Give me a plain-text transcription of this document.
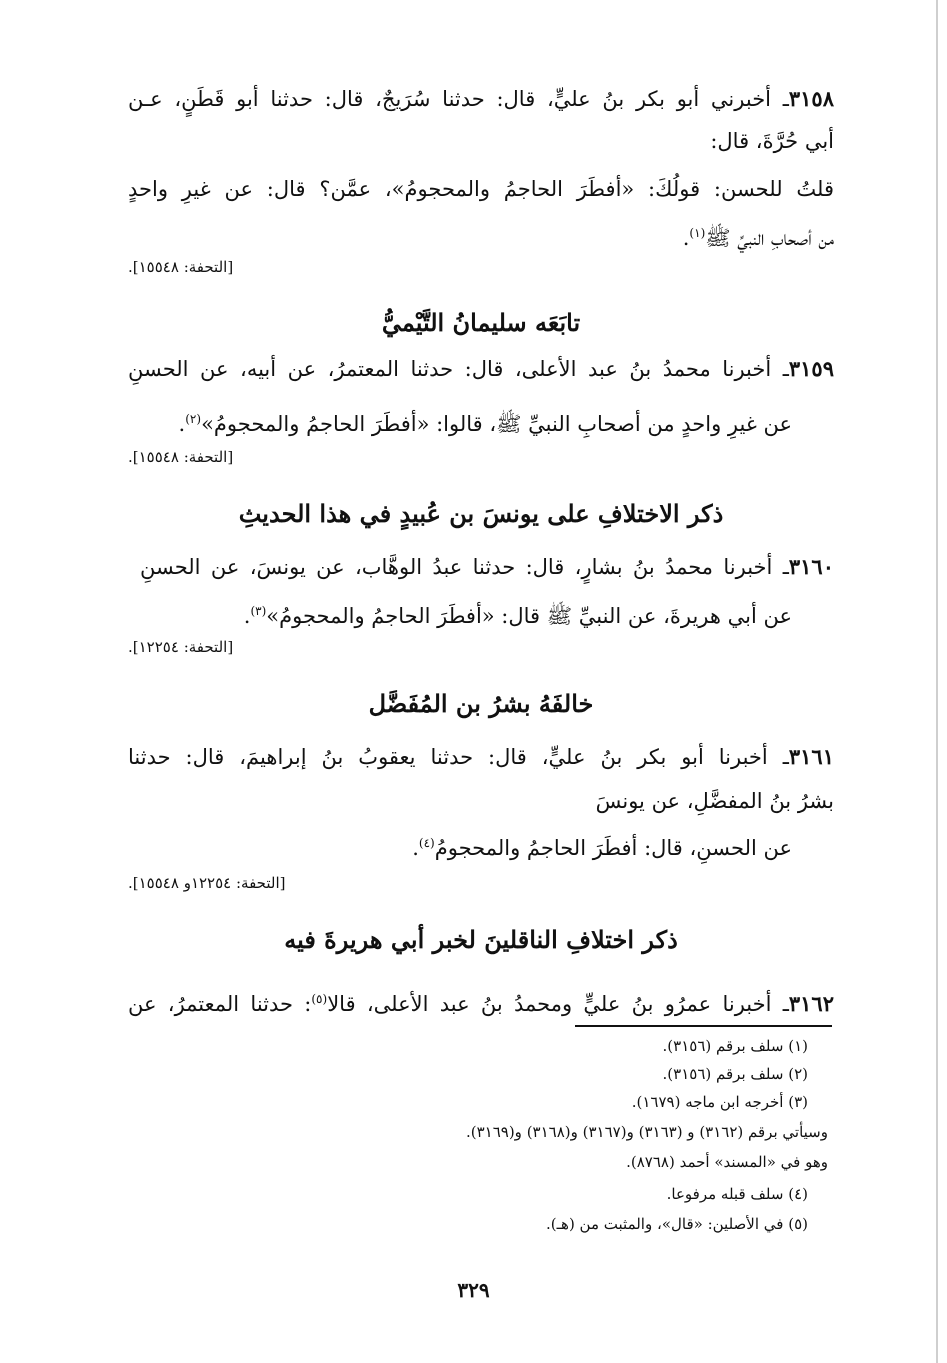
٣١٥٨ـ أخبرني أبو بكر بنُ عليٍّ، قال: حدثنا سُرَيجٌ، قال: حدثنا أبو قَطَنٍ، عـن
أبي حُرَّةَ، قال:
قلتُ للحسن: قولُكَ: «أفطَرَ الحاجمُ والمحجومُ»، عمَّن؟ قال: عن غيرِ واحدٍ
من أصحابِ النبيِّ ﷺ$^{(١)}$.
[التحفة: ١٥٥٤٨].
تابَعَه سليمانُ التَّيْميُّ
٣١٥٩ـ أخبرنا محمدُ بنُ عبد الأعلى، قال: حدثنا المعتمرُ، عن أبيه، عن الحسنِ
عن غيرِ واحدٍ من أصحابِ النبيِّ ﷺ، قالوا: «أفطَرَ الحاجمُ والمحجومُ»$^{(٢)}$.
[التحفة: ١٥٥٤٨].
ذكر الاختلافِ على يونسَ بن عُبيدٍ في هذا الحديثِ
٣١٦٠ـ أخبرنا محمدُ بنُ بشارٍ، قال: حدثنا عبدُ الوهَّاب، عن يونسَ، عن الحسنِ
عن أبي هريرةَ، عن النبيِّ ﷺ قال: «أفطَرَ الحاجمُ والمحجومُ»$^{(٣)}$.
[التحفة: ١٢٢٥٤].
خالفَهُ بشرُ بن المُفَضَّل
٣١٦١ـ أخبرنا أبو بكر بنُ عليٍّ، قال: حدثنا يعقوبُ بنُ إبراهيمَ، قال: حدثنا
بشرُ بنُ المفضَّلِ، عن يونسَ
عن الحسنِ، قال: أفطَرَ الحاجمُ والمحجومُ$^{(٤)}$.
[التحفة: ١٢٢٥٤و ١٥٥٤٨].
ذكر اختلافِ الناقلينَ لخبر أبي هريرةَ فيه
٣١٦٢ـ أخبرنا عمرُو بنُ عليٍّ ومحمدُ بنُ عبد الأعلى، قالا$^{(٥)}$: حدثنا المعتمرُ، عن
(١) سلف برقم (٣١٥٦).
(٢) سلف برقم (٣١٥٦).
(٣) أخرجه ابن ماجه (١٦٧٩).
وسيأتي برقم (٣١٦٢) و (٣١٦٣) و(٣١٦٧) و(٣١٦٨) و(٣١٦٩).
وهو في «المسند» أحمد (٨٧٦٨).
(٤) سلف قبله مرفوعا.
(٥) في الأصلين: «قال»، والمثبت من (هـ).
٣٢٩
